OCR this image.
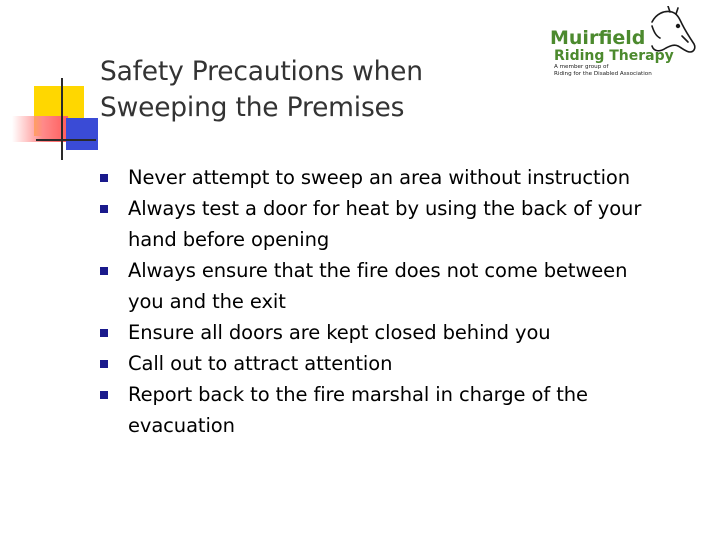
Safety Precautions when
Sweeping the Premises
Muirfield
Riding Therapy
A member group of
Riding for the Disabled Association
Never attempt to sweep an area without instruction
Always test a door for heat by using the back of your
hand before opening
Always ensure that the fire does not come between
you and the exit
Ensure all doors are kept closed behind you
Call out to attract attention
Report back to the fire marshal in charge of the
evacuation
